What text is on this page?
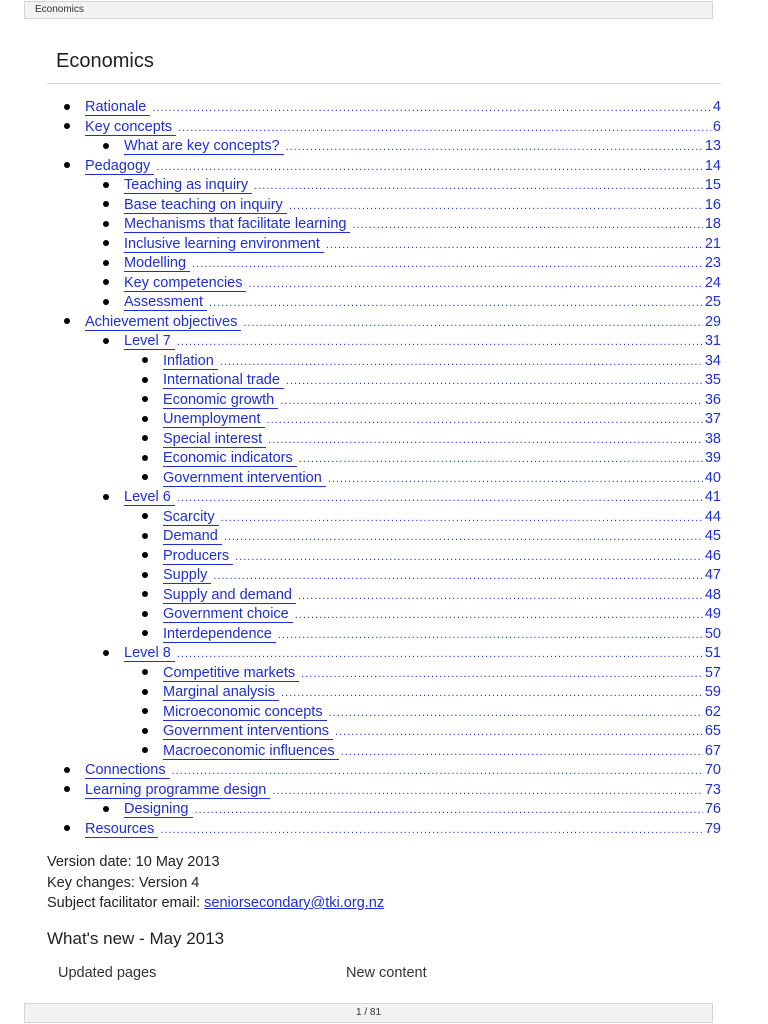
Economics
Economics
Rationale .....	4
Key concepts .....	6
What are key concepts? .....	13
Pedagogy .....	14
Teaching as inquiry .....	15
Base teaching on inquiry .....	16
Mechanisms that facilitate learning .....	18
Inclusive learning environment .....	21
Modelling .....	23
Key competencies .....	24
Assessment .....	25
Achievement objectives .....	29
Level 7 .....	31
Inflation .....	34
International trade .....	35
Economic growth .....	36
Unemployment .....	37
Special interest .....	38
Economic indicators .....	39
Government intervention .....	40
Level 6 .....	41
Scarcity .....	44
Demand .....	45
Producers .....	46
Supply .....	47
Supply and demand .....	48
Government choice .....	49
Interdependence .....	50
Level 8 .....	51
Competitive markets .....	57
Marginal analysis .....	59
Microeconomic concepts .....	62
Government interventions .....	65
Macroeconomic influences .....	67
Connections .....	70
Learning programme design .....	73
Designing .....	76
Resources .....	79
Version date: 10 May 2013
Key changes: Version 4
Subject facilitator email: seniorsecondary@tki.org.nz
What's new - May 2013
Updated pages	New content
1 / 81
